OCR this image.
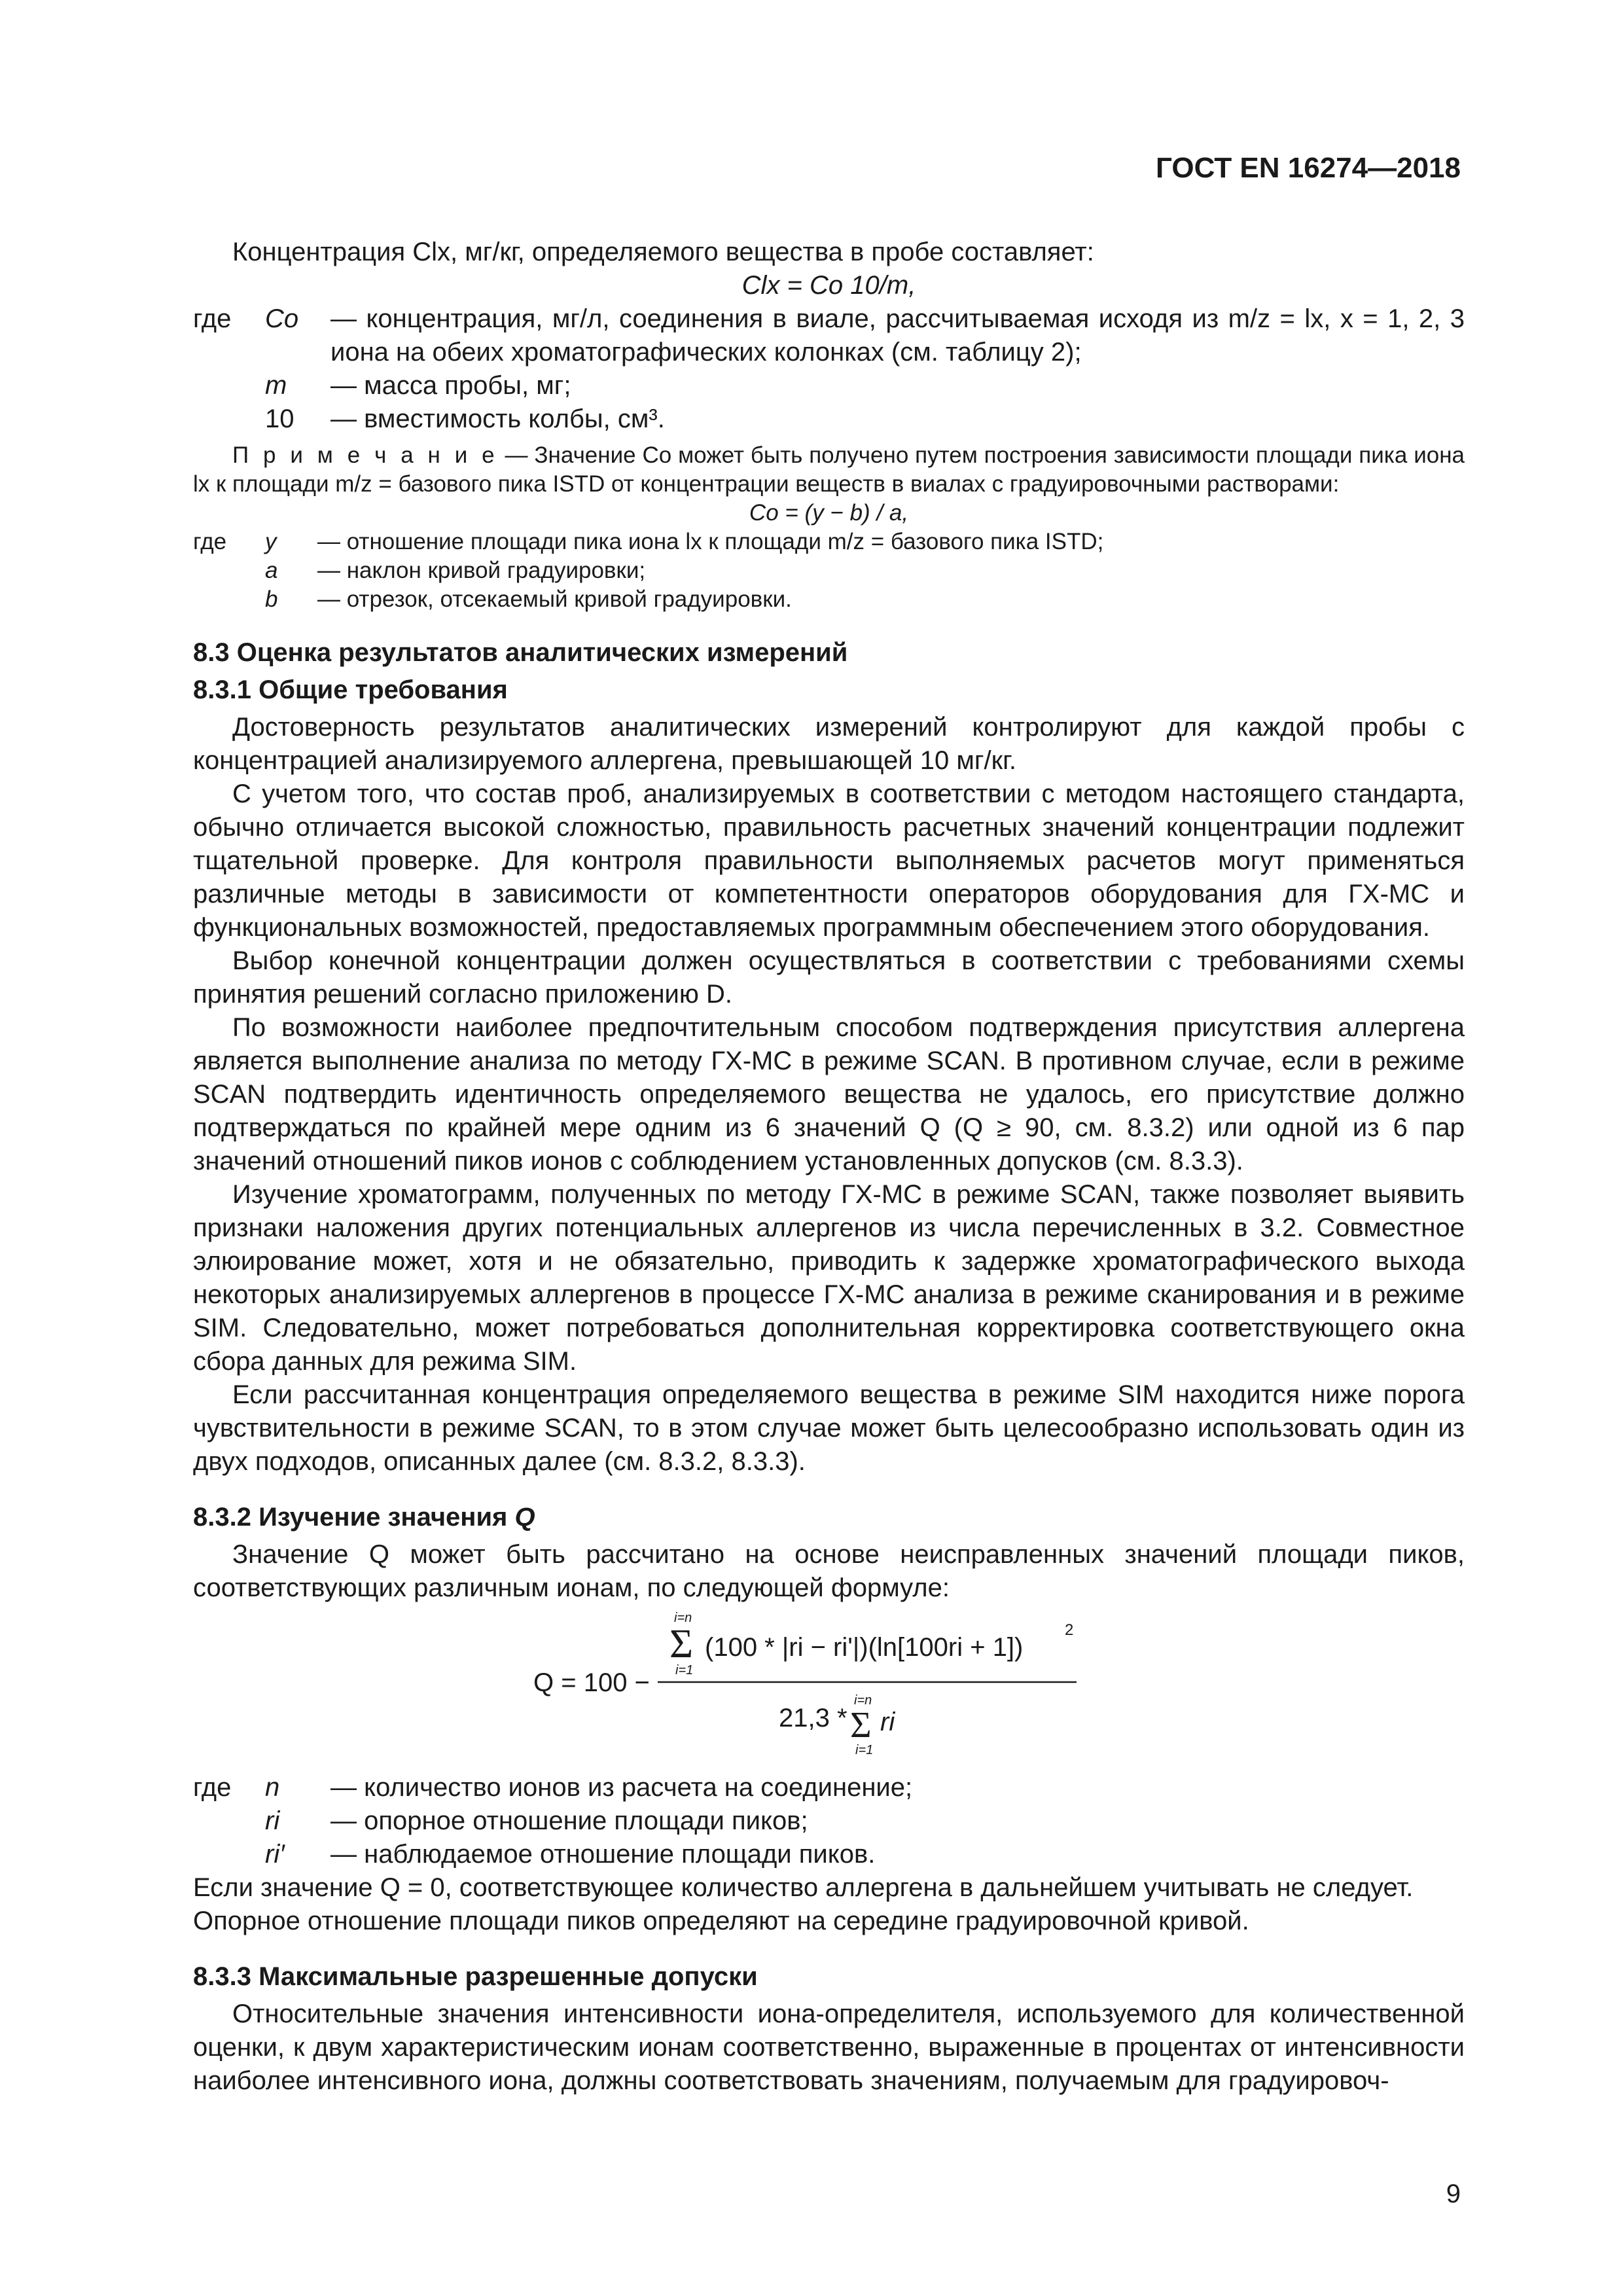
ГОСТ EN 16274—2018

Концентрация Clx, мг/кг, определяемого вещества в пробе составляет:

Clx = Co 10/m,

где	Co	— концентрация, мг/л, соединения в виале, рассчитываемая исходя из m/z = lx, x = 1, 2, 3 иона на обеих хроматографических колонках (см. таблицу 2);
m	— масса пробы, мг;
10	— вместимость колбы, см³.

П р и м е ч а н и е — Значение Co может быть получено путем построения зависимости площади пика иона lx к площади m/z = базового пика ISTD от концентрации веществ в виалах с градуировочными растворами:

Co = (y − b) / a,

где	y	— отношение площади пика иона lx к площади m/z = базового пика ISTD;
a	— наклон кривой градуировки;
b	— отрезок, отсекаемый кривой градуировки.
8.3 Оценка результатов аналитических измерений
8.3.1 Общие требования

Достоверность результатов аналитических измерений контролируют для каждой пробы с концентрацией анализируемого аллергена, превышающей 10 мг/кг.

С учетом того, что состав проб, анализируемых в соответствии с методом настоящего стандарта, обычно отличается высокой сложностью, правильность расчетных значений концентрации подлежит тщательной проверке. Для контроля правильности выполняемых расчетов могут применяться различные методы в зависимости от компетентности операторов оборудования для ГХ-МС и функциональных возможностей, предоставляемых программным обеспечением этого оборудования.

Выбор конечной концентрации должен осуществляться в соответствии с требованиями схемы принятия решений согласно приложению D.

По возможности наиболее предпочтительным способом подтверждения присутствия аллергена является выполнение анализа по методу ГХ-МС в режиме SCAN. В противном случае, если в режиме SCAN подтвердить идентичность определяемого вещества не удалось, его присутствие должно подтверждаться по крайней мере одним из 6 значений Q (Q ≥ 90, см. 8.3.2) или одной из 6 пар значений отношений пиков ионов с соблюдением установленных допусков (см. 8.3.3).

Изучение хроматограмм, полученных по методу ГХ-МС в режиме SCAN, также позволяет выявить признаки наложения других потенциальных аллергенов из числа перечисленных в 3.2. Совместное элюирование может, хотя и не обязательно, приводить к задержке хроматографического выхода некоторых анализируемых аллергенов в процессе ГХ-МС анализа в режиме сканирования и в режиме SIM. Следовательно, может потребоваться дополнительная корректировка соответствующего окна сбора данных для режима SIM.

Если рассчитанная концентрация определяемого вещества в режиме SIM находится ниже порога чувствительности в режиме SCAN, то в этом случае может быть целесообразно использовать один из двух подходов, описанных далее (см. 8.3.2, 8.3.3).

8.3.2 Изучение значения Q

Значение Q может быть рассчитано на основе неисправленных значений площади пиков, соответствующих различным ионам, по следующей формуле:

Q = 100 −
i=n
Σ
i=1
(100 * |ri − ri'|)(ln[100ri + 1])
2
21,3 *
i=n
Σ
i=1
ri
где	n	— количество ионов из расчета на соединение;
ri	— опорное отношение площади пиков;
ri′	— наблюдаемое отношение площади пиков.

Если значение Q = 0, соответствующее количество аллергена в дальнейшем учитывать не следует.

Опорное отношение площади пиков определяют на середине градуировочной кривой.

8.3.3 Максимальные разрешенные допуски

Относительные значения интенсивности иона-определителя, используемого для количественной оценки, к двум характеристическим ионам соответственно, выраженные в процентах от интенсивности наиболее интенсивного иона, должны соответствовать значениям, получаемым для градуировоч-

9
